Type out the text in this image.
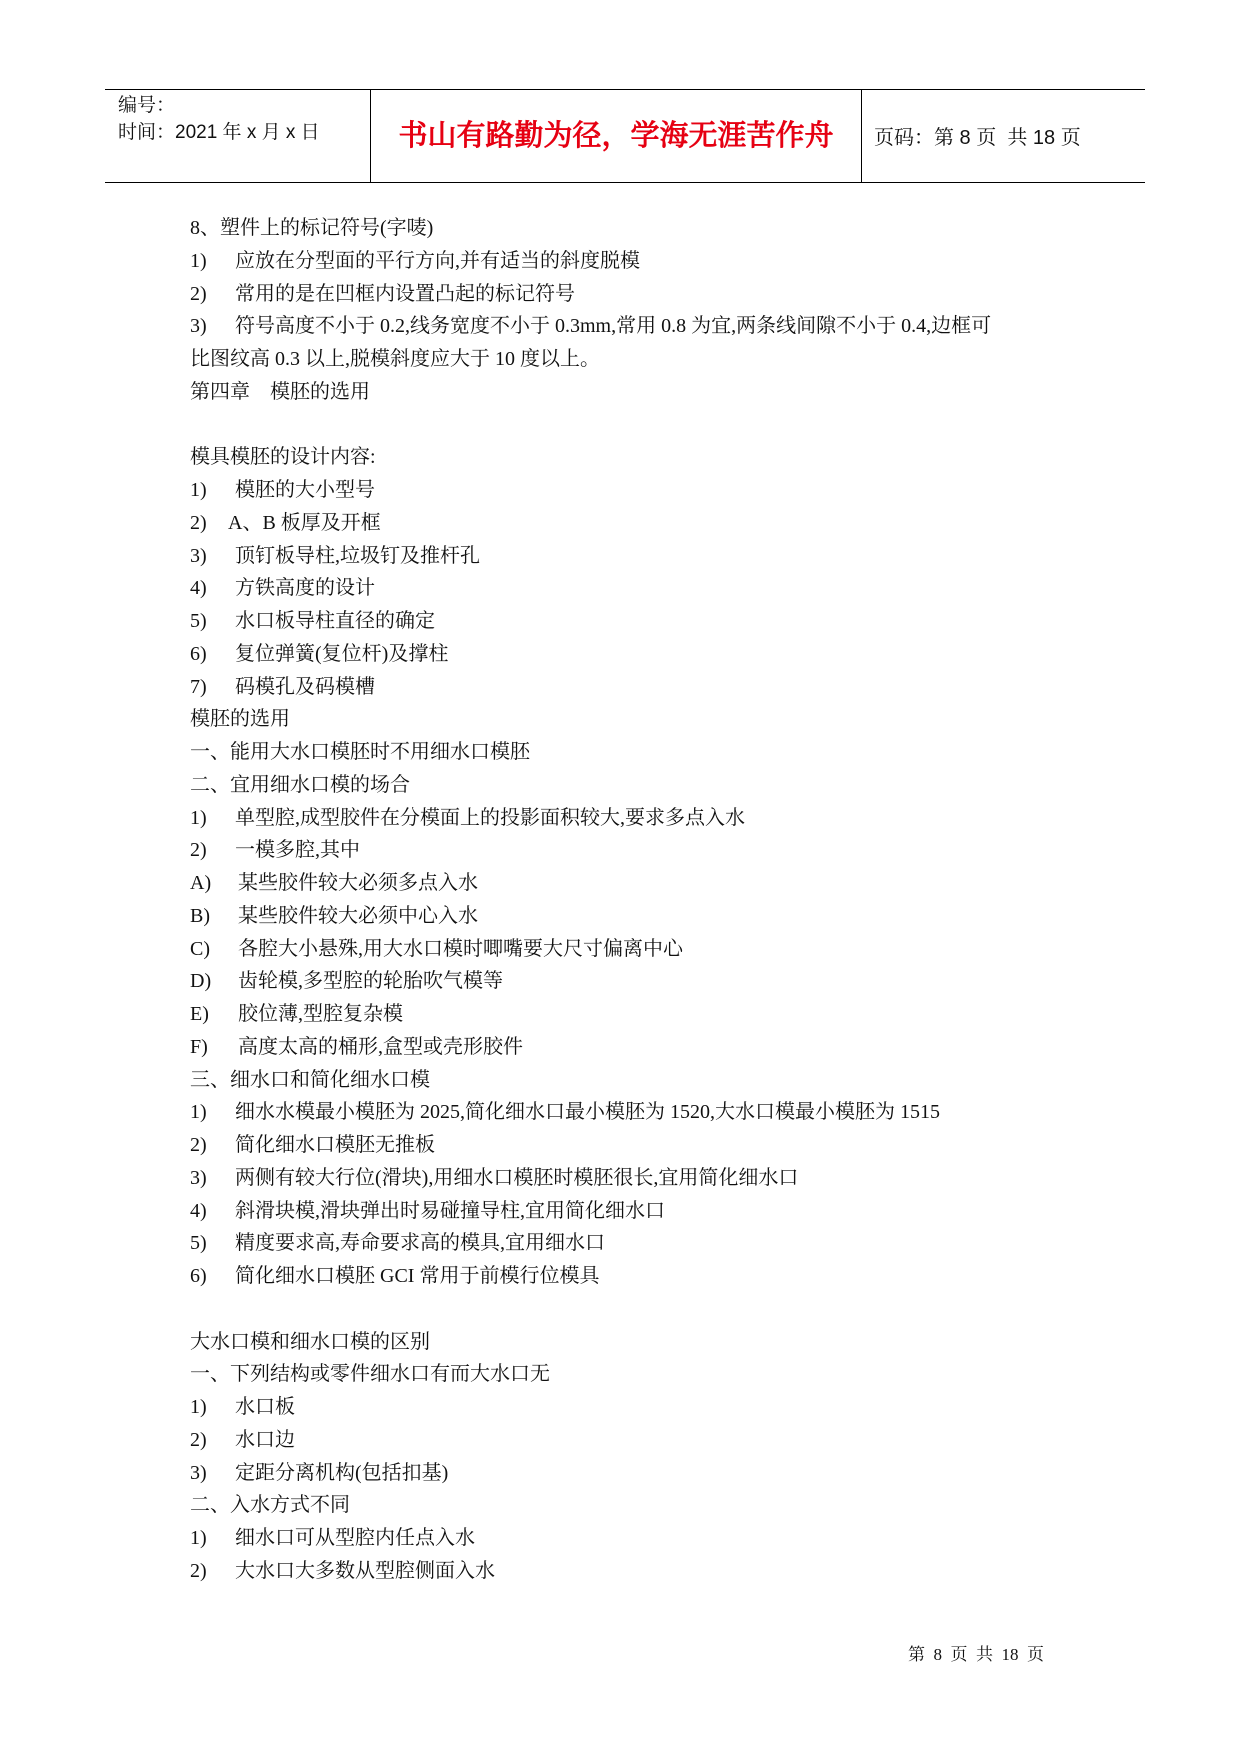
编号：
时间：2021 年 x 月 x 日	书山有路勤为径，学海无涯苦作舟	页码：第 8 页  共 18 页
8、塑件上的标记符号(字唛)
1) 应放在分型面的平行方向,并有适当的斜度脱模
2) 常用的是在凹框内设置凸起的标记符号
3) 符号高度不小于 0.2,线务宽度不小于 0.3mm,常用 0.8 为宜,两条线间隙不小于 0.4,边框可
比图纹高 0.3 以上,脱模斜度应大于 10 度以上。
第四章    模胚的选用
模具模胚的设计内容:
1) 模胚的大小型号
2) A、B 板厚及开框
3) 顶钉板导柱,垃圾钉及推杆孔
4) 方铁高度的设计
5) 水口板导柱直径的确定
6) 复位弹簧(复位杆)及撑柱
7) 码模孔及码模槽
模胚的选用
一、能用大水口模胚时不用细水口模胚
二、宜用细水口模的场合
1) 单型腔,成型胶件在分模面上的投影面积较大,要求多点入水
2) 一模多腔,其中
A) 某些胶件较大必须多点入水
B) 某些胶件较大必须中心入水
C) 各腔大小悬殊,用大水口模时唧嘴要大尺寸偏离中心
D) 齿轮模,多型腔的轮胎吹气模等
E) 胶位薄,型腔复杂模
F) 高度太高的桶形,盒型或壳形胶件
三、细水口和简化细水口模
1) 细水水模最小模胚为 2025,简化细水口最小模胚为 1520,大水口模最小模胚为 1515
2) 简化细水口模胚无推板
3) 两侧有较大行位(滑块),用细水口模胚时模胚很长,宜用简化细水口
4) 斜滑块模,滑块弹出时易碰撞导柱,宜用简化细水口
5) 精度要求高,寿命要求高的模具,宜用细水口
6) 简化细水口模胚 GCI 常用于前模行位模具
大水口模和细水口模的区别
一、下列结构或零件细水口有而大水口无
1) 水口板
2) 水口边
3) 定距分离机构(包括扣基)
二、入水方式不同
1) 细水口可从型腔内任点入水
2) 大水口大多数从型腔侧面入水
第  8  页  共  18  页
